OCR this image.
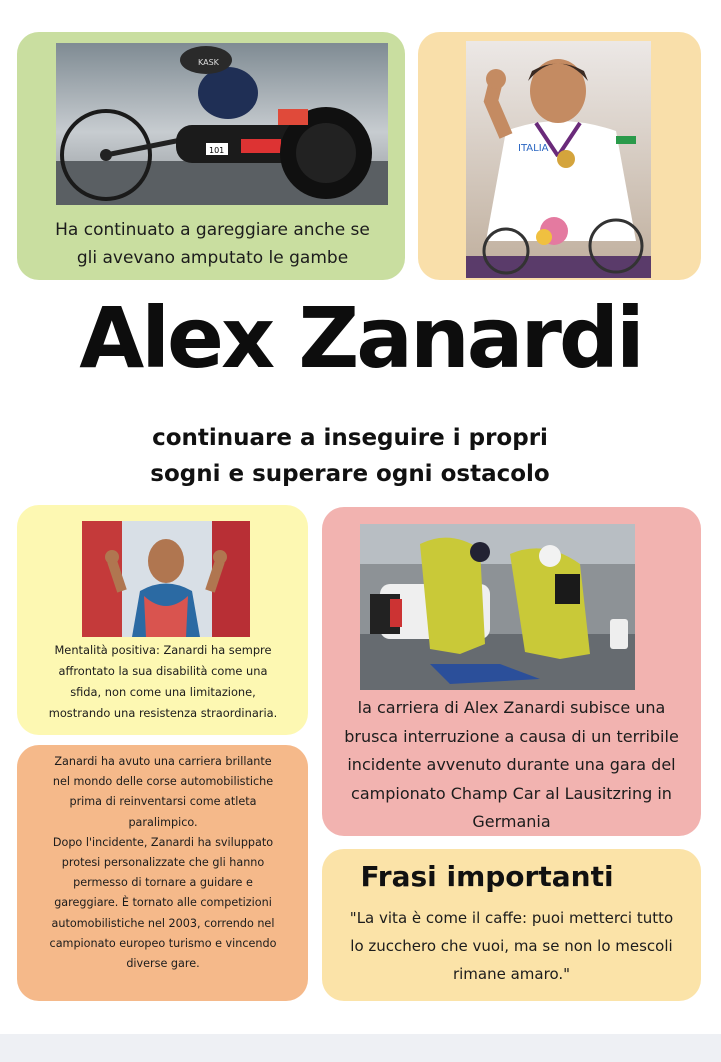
KASK
101
Ha continuato a gareggiare anche se
gli avevano amputato le gambe
ITALIA
Alex Zanardi
continuare a inseguire i propri
sogni e superare ogni ostacolo
Mentalità positiva: Zanardi ha sempre
affrontato la sua disabilità come una
sfida, non come una limitazione,
mostrando una resistenza straordinaria.	la carriera di Alex Zanardi subisce una
brusca interruzione a causa di un terribile
incidente avvenuto durante una gara del
campionato Champ Car al Lausitzring in
Germania
Zanardi ha avuto una carriera brillante
nel mondo delle corse automobilistiche
prima di reinventarsi come atleta
paralimpico.
Dopo l'incidente, Zanardi ha sviluppato
protesi personalizzate che gli hanno
permesso di tornare a guidare e
gareggiare. È tornato alle competizioni
automobilistiche nel 2003, correndo nel
campionato europeo turismo e vincendo
diverse gare.
Frasi importanti
"La vita è come il caffe: puoi metterci tutto
lo zucchero che vuoi, ma se non lo mescoli
rimane amaro."
